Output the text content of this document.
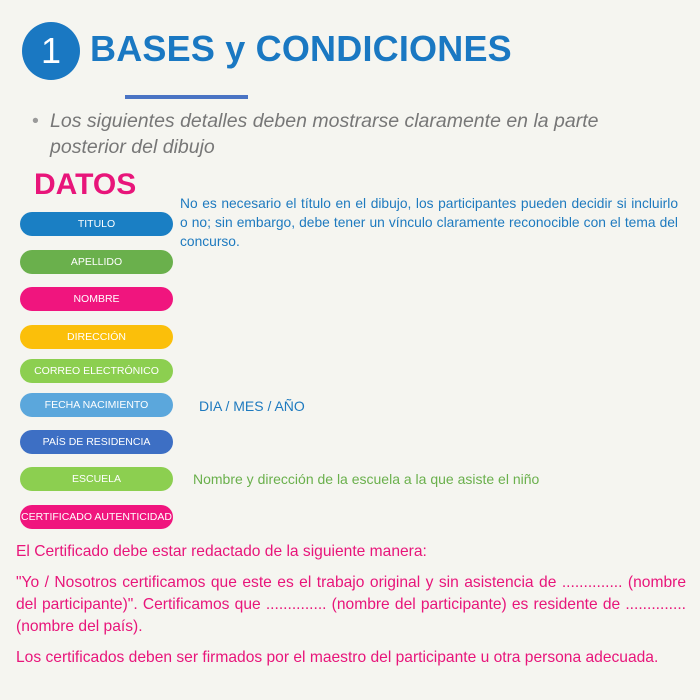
1 BASES y CONDICIONES
• Los siguientes detalles deben mostrarse claramente en la parte posterior del dibujo
DATOS
No es necesario el título en el dibujo, los participantes pueden decidir si incluirlo o no; sin embargo, debe tener un vínculo claramente reconocible con el tema del concurso.
TITULO
APELLIDO
NOMBRE
DIRECCIÓN
CORREO ELECTRÓNICO
FECHA NACIMIENTO
PAÍS DE RESIDENCIA
ESCUELA
CERTIFICADO AUTENTICIDAD
DIA / MES / AÑO
Nombre y dirección de la escuela a la que asiste el niño
El Certificado debe estar redactado de la siguiente manera:
"Yo / Nosotros certificamos que este es el trabajo original y sin asistencia de .............. (nombre del participante)". Certificamos que .............. (nombre del participante) es residente de .............. (nombre del país).
Los certificados deben ser firmados por el maestro del participante u otra persona adecuada.
